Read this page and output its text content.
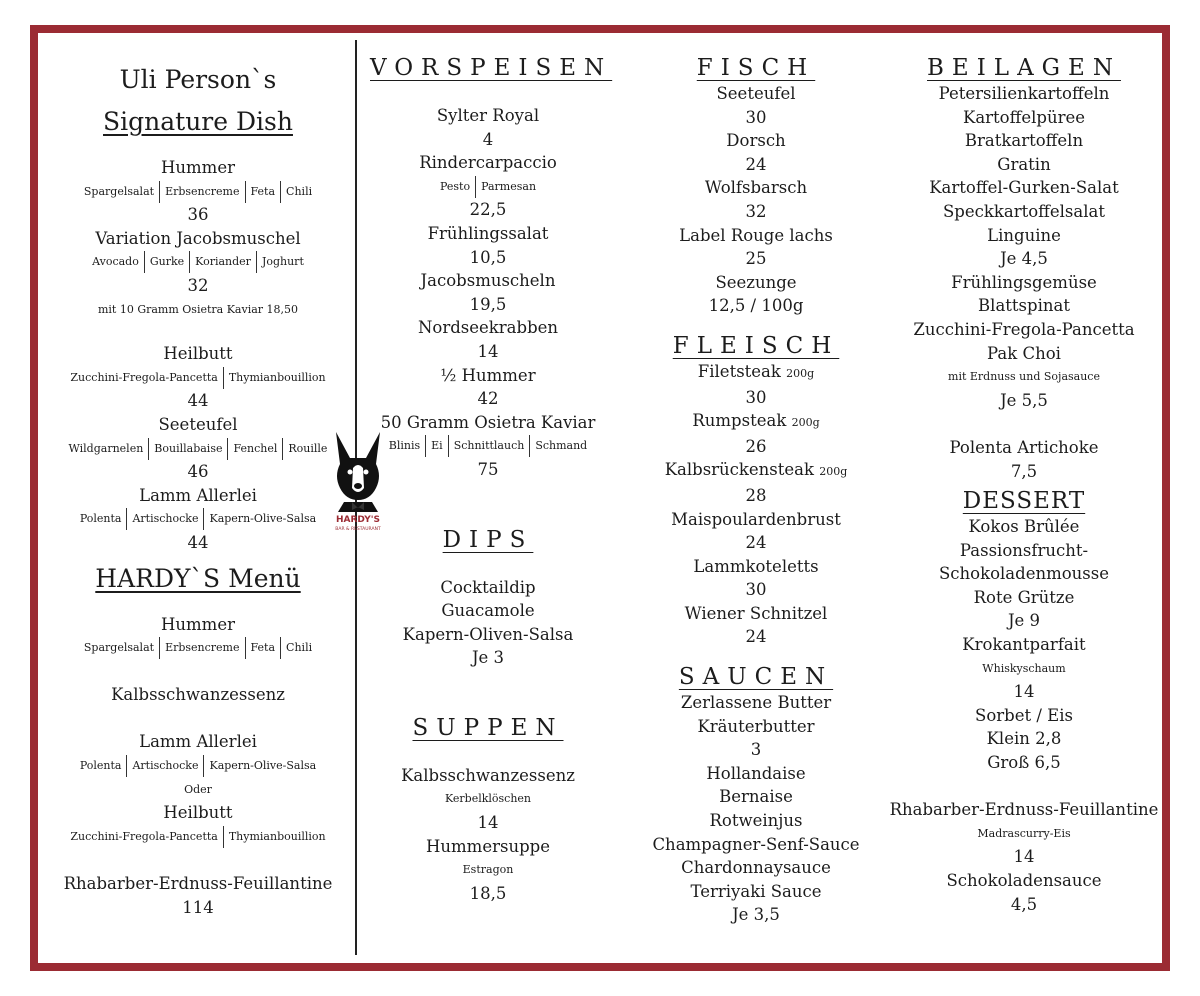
Uli Person`s
Signature Dish
Hummer
Spargelsalat Erbsencreme Feta Chili
36
Variation Jacobsmuschel
Avocado Gurke Koriander Joghurt
32
mit 10 Gramm Osietra Kaviar 18,50
Heilbutt
Zucchini-Fregola-Pancetta Thymianbouillion
44
Seeteufel
Wildgarnelen Bouillabaise Fenchel Rouille
46
Lamm Allerlei
Polenta Artischocke Kapern-Olive-Salsa
44
HARDY`S Menü
Hummer
Spargelsalat Erbsencreme Feta Chili
Kalbsschwanzessenz
Lamm Allerlei
Polenta Artischocke Kapern-Olive-Salsa
Oder
Heilbutt
Zucchini-Fregola-Pancetta Thymianbouillion
Rhabarber-Erdnuss-Feuillantine
114
HARDY'S
BAR & RESTAURANT
VORSPEISEN
Sylter Royal
4
Rindercarpaccio
Pesto Parmesan
22,5
Frühlingssalat
10,5
Jacobsmuscheln
19,5
Nordseekrabben
14
½ Hummer
42
50 Gramm Osietra Kaviar
Blinis Ei Schnittlauch Schmand
75
DIPS
Cocktaildip
Guacamole
Kapern-Oliven-Salsa
Je 3
SUPPEN
Kalbsschwanzessenz
Kerbelklöschen
14
Hummersuppe
Estragon
18,5
FISCH
Seeteufel
30
Dorsch
24
Wolfsbarsch
32
Label Rouge lachs
25
Seezunge
12,5 / 100g
FLEISCH
Filetsteak 200g
30
Rumpsteak 200g
26
Kalbsrückensteak 200g
28
Maispoulardenbrust
24
Lammkoteletts
30
Wiener Schnitzel
24
SAUCEN
Zerlassene Butter
Kräuterbutter
3
Hollandaise
Bernaise
Rotweinjus
Champagner-Senf-Sauce
Chardonnaysauce
Terriyaki Sauce
Je 3,5
BEILAGEN
Petersilienkartoffeln
Kartoffelpüree
Bratkartoffeln
Gratin
Kartoffel-Gurken-Salat
Speckkartoffelsalat
Linguine
Je 4,5
Frühlingsgemüse
Blattspinat
Zucchini-Fregola-Pancetta
Pak Choi
mit Erdnuss und Sojasauce
Je 5,5
Polenta Artichoke
7,5
DESSERT
Kokos Brûlée
Passionsfrucht-
Schokoladenmousse
Rote Grütze
Je 9
Krokantparfait
Whiskyschaum
14
Sorbet / Eis
Klein 2,8
Groß 6,5
Rhabarber-Erdnuss-Feuillantine
Madrascurry-Eis
14
Schokoladensauce
4,5
